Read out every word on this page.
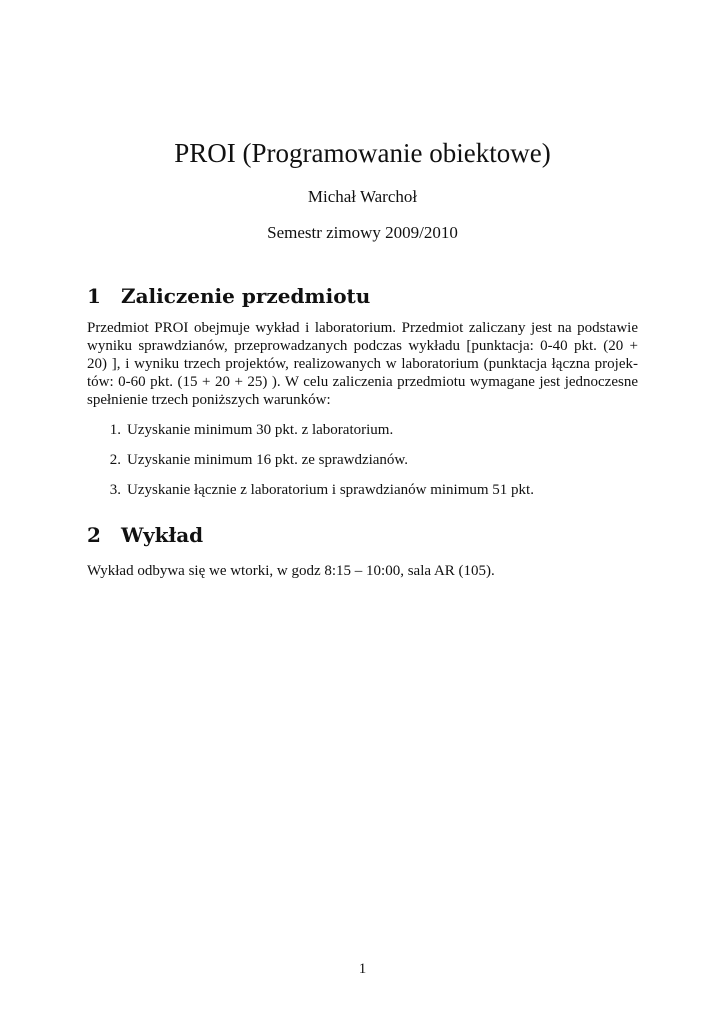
PROI (Programowanie obiektowe)
Michał Warchoł
Semestr zimowy 2009/2010
1 Zaliczenie przedmiotu
Przedmiot PROI obejmuje wykład i laboratorium. Przedmiot zaliczany jest na podstawie
wyniku sprawdzianów, przeprowadzanych podczas wykładu [punktacja: 0-40 pkt. (20 +
20) ], i wyniku trzech projektów, realizowanych w laboratorium (punktacja łączna projek-
tów: 0-60 pkt. (15 + 20 + 25) ). W celu zaliczenia przedmiotu wymagane jest jednoczesne
spełnienie trzech poniższych warunków:
1. Uzyskanie minimum 30 pkt. z laboratorium.
2. Uzyskanie minimum 16 pkt. ze sprawdzianów.
3. Uzyskanie łącznie z laboratorium i sprawdzianów minimum 51 pkt.
2 Wykład
Wykład odbywa się we wtorki, w godz 8:15 – 10:00, sala AR (105).
1
